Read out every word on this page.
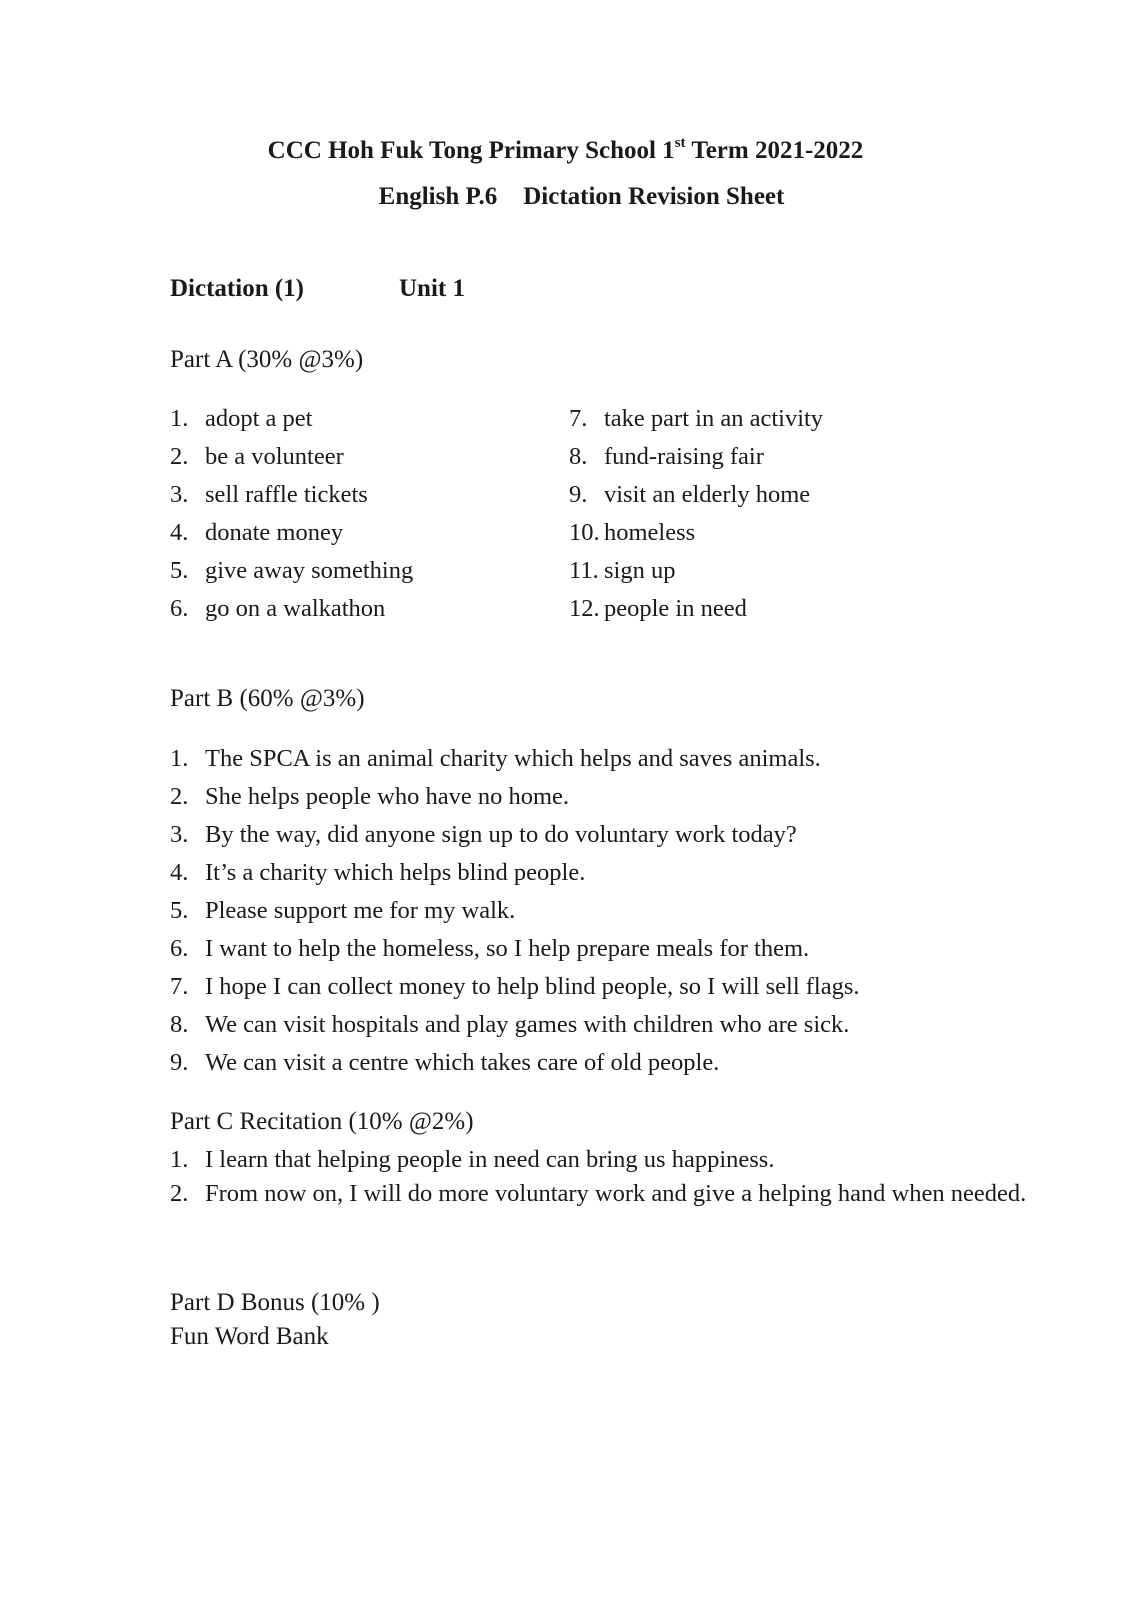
CCC Hoh Fuk Tong Primary School 1st Term 2021-2022
English P.6 Dictation Revision Sheet
Dictation (1)	Unit 1
Part A (30% @3%)
1. adopt a pet
2. be a volunteer
3. sell raffle tickets
4. donate money
5. give away something
6. go on a walkathon
7. take part in an activity
8. fund-raising fair
9. visit an elderly home
10. homeless
11. sign up
12. people in need
Part B (60% @3%)
1. The SPCA is an animal charity which helps and saves animals.
2. She helps people who have no home.
3. By the way, did anyone sign up to do voluntary work today?
4. It’s a charity which helps blind people.
5. Please support me for my walk.
6. I want to help the homeless, so I help prepare meals for them.
7. I hope I can collect money to help blind people, so I will sell flags.
8. We can visit hospitals and play games with children who are sick.
9. We can visit a centre which takes care of old people.
Part C Recitation (10% @2%)
1. I learn that helping people in need can bring us happiness.
2. From now on, I will do more voluntary work and give a helping hand when needed.
Part D Bonus (10% )
Fun Word Bank
